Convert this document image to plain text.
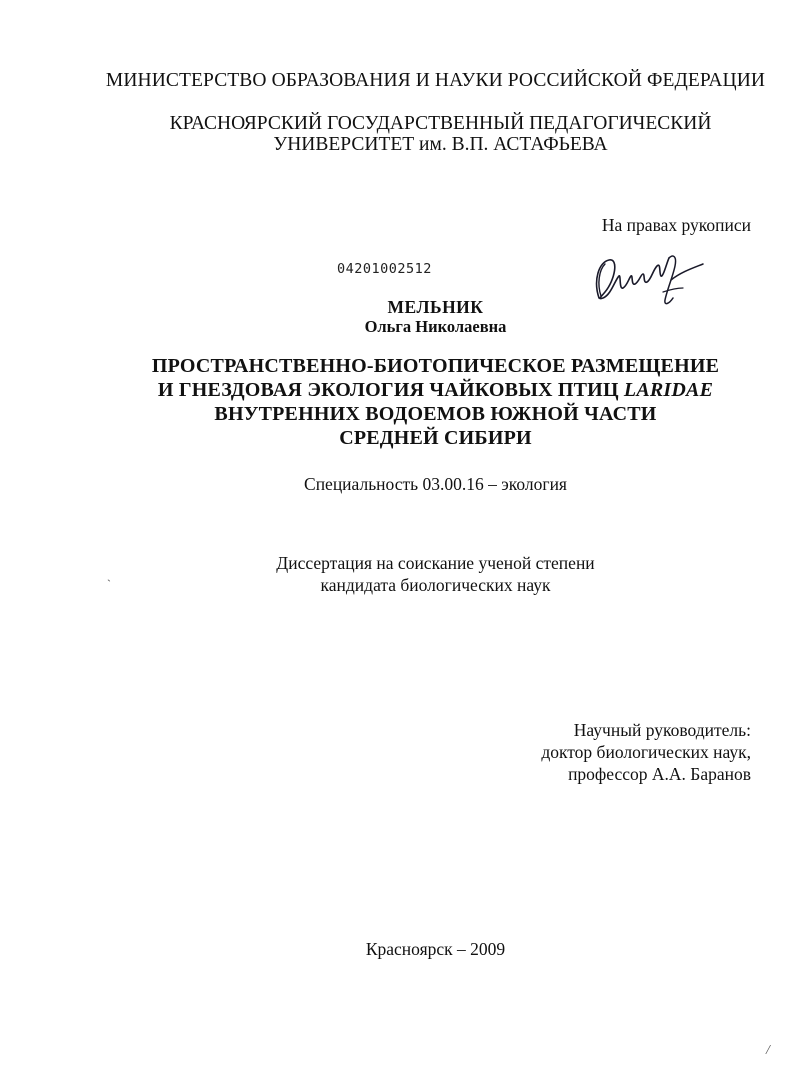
МИНИСТЕРСТВО ОБРАЗОВАНИЯ И НАУКИ РОССИЙСКОЙ ФЕДЕРАЦИИ
КРАСНОЯРСКИЙ ГОСУДАРСТВЕННЫЙ ПЕДАГОГИЧЕСКИЙ
УНИВЕРСИТЕТ им. В.П. АСТАФЬЕВА
На правах рукописи
04201002512
МЕЛЬНИК
Ольга Николаевна
ПРОСТРАНСТВЕННО-БИОТОПИЧЕСКОЕ РАЗМЕЩЕНИЕ
И ГНЕЗДОВАЯ ЭКОЛОГИЯ ЧАЙКОВЫХ ПТИЦ LARIDAE
ВНУТРЕННИХ ВОДОЕМОВ ЮЖНОЙ ЧАСТИ
СРЕДНЕЙ СИБИРИ
Специальность 03.00.16 – экология
Диссертация на соискание ученой степени
кандидата биологических наук
`
Научный руководитель:
доктор биологических наук,
профессор А.А. Баранов
Красноярск – 2009
/
